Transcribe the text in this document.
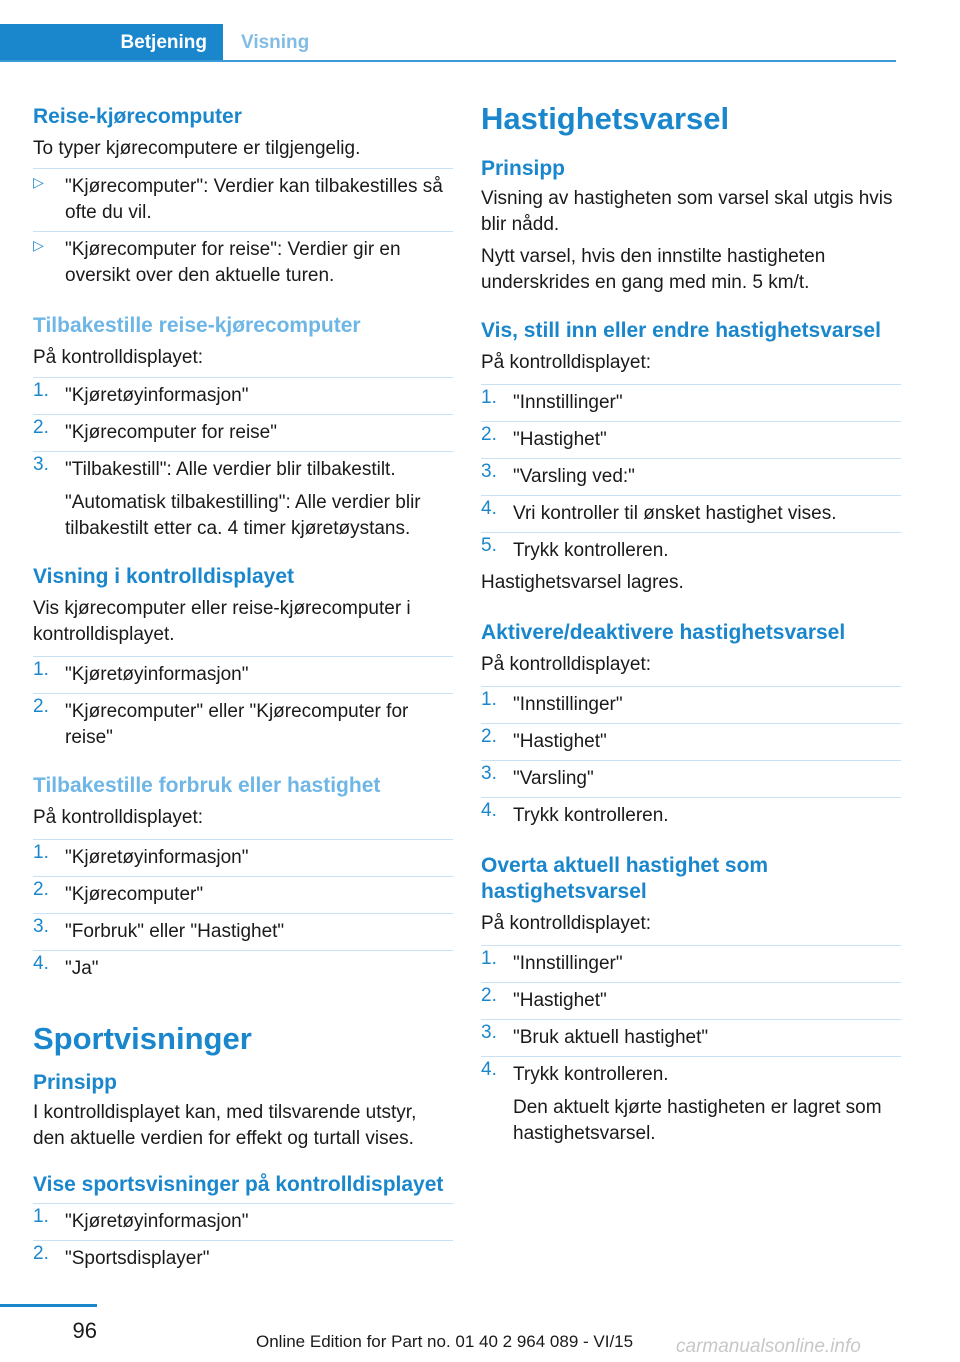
Betjening	Visning
Reise-kjørecomputer
To typer kjørecomputere er tilgjengelig.
▷ "Kjørecomputer": Verdier kan tilbakestilles så ofte du vil.
▷ "Kjørecomputer for reise": Verdier gir en oversikt over den aktuelle turen.
Tilbakestille reise-kjørecomputer
På kontrolldisplayet:
1. "Kjøretøyinformasjon"
2. "Kjørecomputer for reise"
3. "Tilbakestill": Alle verdier blir tilbakestilt.
"Automatisk tilbakestilling": Alle verdier blir tilbakestilt etter ca. 4 timer kjøretøystans.
Visning i kontrolldisplayet
Vis kjørecomputer eller reise-kjørecomputer i kontrolldisplayet.
1. "Kjøretøyinformasjon"
2. "Kjørecomputer" eller "Kjørecomputer for reise"
Tilbakestille forbruk eller hastighet
På kontrolldisplayet:
1. "Kjøretøyinformasjon"
2. "Kjørecomputer"
3. "Forbruk" eller "Hastighet"
4. "Ja"
Sportvisninger
Prinsipp
I kontrolldisplayet kan, med tilsvarende utstyr, den aktuelle verdien for effekt og turtall vises.
Vise sportsvisninger på kontrolldisplayet
1. "Kjøretøyinformasjon"
2. "Sportsdisplayer"
Hastighetsvarsel
Prinsipp
Visning av hastigheten som varsel skal utgis hvis blir nådd.
Nytt varsel, hvis den innstilte hastigheten underskrides en gang med min. 5 km/t.
Vis, still inn eller endre hastighetsvarsel
På kontrolldisplayet:
1. "Innstillinger"
2. "Hastighet"
3. "Varsling ved:"
4. Vri kontroller til ønsket hastighet vises.
5. Trykk kontrolleren.
Hastighetsvarsel lagres.
Aktivere/deaktivere hastighetsvarsel
På kontrolldisplayet:
1. "Innstillinger"
2. "Hastighet"
3. "Varsling"
4. Trykk kontrolleren.
Overta aktuell hastighet som hastighetsvarsel
På kontrolldisplayet:
1. "Innstillinger"
2. "Hastighet"
3. "Bruk aktuell hastighet"
4. Trykk kontrolleren.
Den aktuelt kjørte hastigheten er lagret som hastighetsvarsel.
96	Online Edition for Part no. 01 40 2 964 089 - VI/15 carmanualsonline.info
